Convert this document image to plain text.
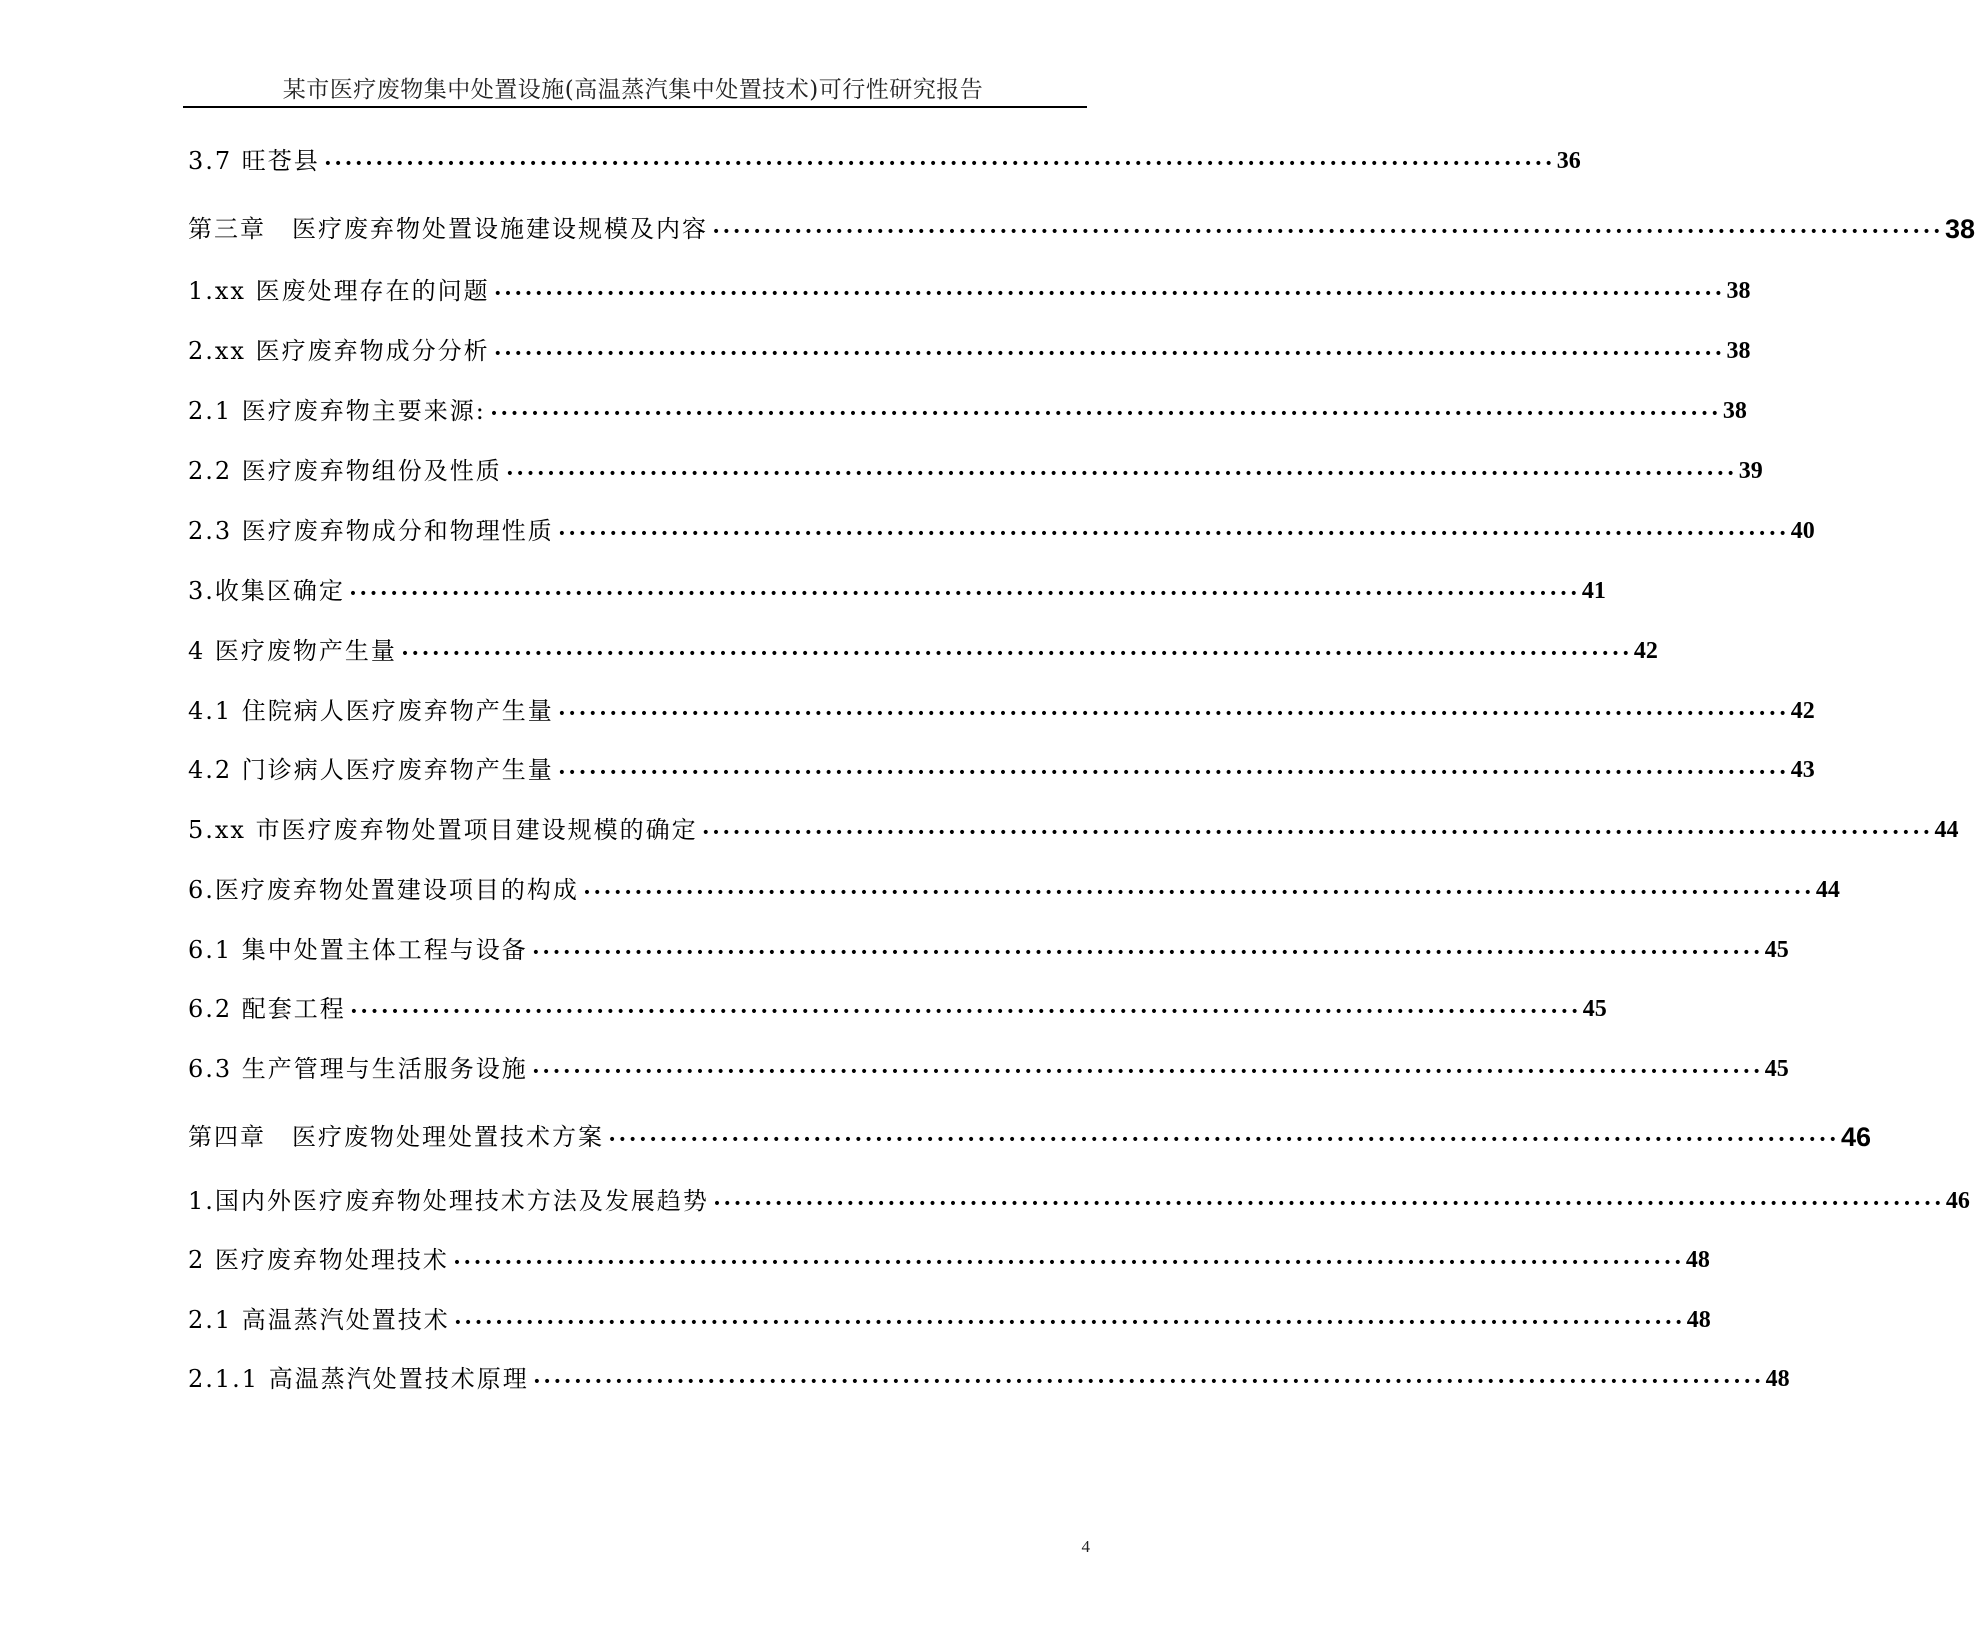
某市医疗废物集中处置设施(高温蒸汽集中处置技术)可行性研究报告
3.7 旺苍县 •••••••••••••••••••••••••••••••••••••••••••••••••••••••••••••••••••••••••••••••••••••••••••••••••••••••••••••••••••••••• 36
第三章　医疗废弃物处置设施建设规模及内容 •••••••••••••••••••••••••••••••••••••••••••••••••••••••••••••••••••••••••••••••••••••••••••••••••••••••••••••••••••••••• 38
1.xx 医废处理存在的问题 •••••••••••••••••••••••••••••••••••••••••••••••••••••••••••••••••••••••••••••••••••••••••••••••••••••••••••••••••••••••• 38
2.xx 医疗废弃物成分分析 •••••••••••••••••••••••••••••••••••••••••••••••••••••••••••••••••••••••••••••••••••••••••••••••••••••••••••••••••••••••• 38
2.1 医疗废弃物主要来源: •••••••••••••••••••••••••••••••••••••••••••••••••••••••••••••••••••••••••••••••••••••••••••••••••••••••••••••••••••••••• 38
2.2 医疗废弃物组份及性质 •••••••••••••••••••••••••••••••••••••••••••••••••••••••••••••••••••••••••••••••••••••••••••••••••••••••••••••••••••••••• 39
2.3 医疗废弃物成分和物理性质 •••••••••••••••••••••••••••••••••••••••••••••••••••••••••••••••••••••••••••••••••••••••••••••••••••••••••••••••••••••••• 40
3.收集区确定 •••••••••••••••••••••••••••••••••••••••••••••••••••••••••••••••••••••••••••••••••••••••••••••••••••••••••••••••••••••••• 41
4 医疗废物产生量 •••••••••••••••••••••••••••••••••••••••••••••••••••••••••••••••••••••••••••••••••••••••••••••••••••••••••••••••••••••••• 42
4.1 住院病人医疗废弃物产生量 •••••••••••••••••••••••••••••••••••••••••••••••••••••••••••••••••••••••••••••••••••••••••••••••••••••••••••••••••••••••• 42
4.2 门诊病人医疗废弃物产生量 •••••••••••••••••••••••••••••••••••••••••••••••••••••••••••••••••••••••••••••••••••••••••••••••••••••••••••••••••••••••• 43
5.xx 市医疗废弃物处置项目建设规模的确定 •••••••••••••••••••••••••••••••••••••••••••••••••••••••••••••••••••••••••••••••••••••••••••••••••••••••••••••••••••••••• 44
6.医疗废弃物处置建设项目的构成 •••••••••••••••••••••••••••••••••••••••••••••••••••••••••••••••••••••••••••••••••••••••••••••••••••••••••••••••••••••••• 44
6.1 集中处置主体工程与设备 •••••••••••••••••••••••••••••••••••••••••••••••••••••••••••••••••••••••••••••••••••••••••••••••••••••••••••••••••••••••• 45
6.2 配套工程 •••••••••••••••••••••••••••••••••••••••••••••••••••••••••••••••••••••••••••••••••••••••••••••••••••••••••••••••••••••••• 45
6.3 生产管理与生活服务设施 •••••••••••••••••••••••••••••••••••••••••••••••••••••••••••••••••••••••••••••••••••••••••••••••••••••••••••••••••••••••• 45
第四章　医疗废物处理处置技术方案 •••••••••••••••••••••••••••••••••••••••••••••••••••••••••••••••••••••••••••••••••••••••••••••••••••••••••••••••••••••••• 46
1.国内外医疗废弃物处理技术方法及发展趋势 •••••••••••••••••••••••••••••••••••••••••••••••••••••••••••••••••••••••••••••••••••••••••••••••••••••••••••••••••••••••• 46
2 医疗废弃物处理技术 •••••••••••••••••••••••••••••••••••••••••••••••••••••••••••••••••••••••••••••••••••••••••••••••••••••••••••••••••••••••• 48
2.1 高温蒸汽处置技术 •••••••••••••••••••••••••••••••••••••••••••••••••••••••••••••••••••••••••••••••••••••••••••••••••••••••••••••••••••••••• 48
2.1.1 高温蒸汽处置技术原理 •••••••••••••••••••••••••••••••••••••••••••••••••••••••••••••••••••••••••••••••••••••••••••••••••••••••••••••••••••••••• 48
4
